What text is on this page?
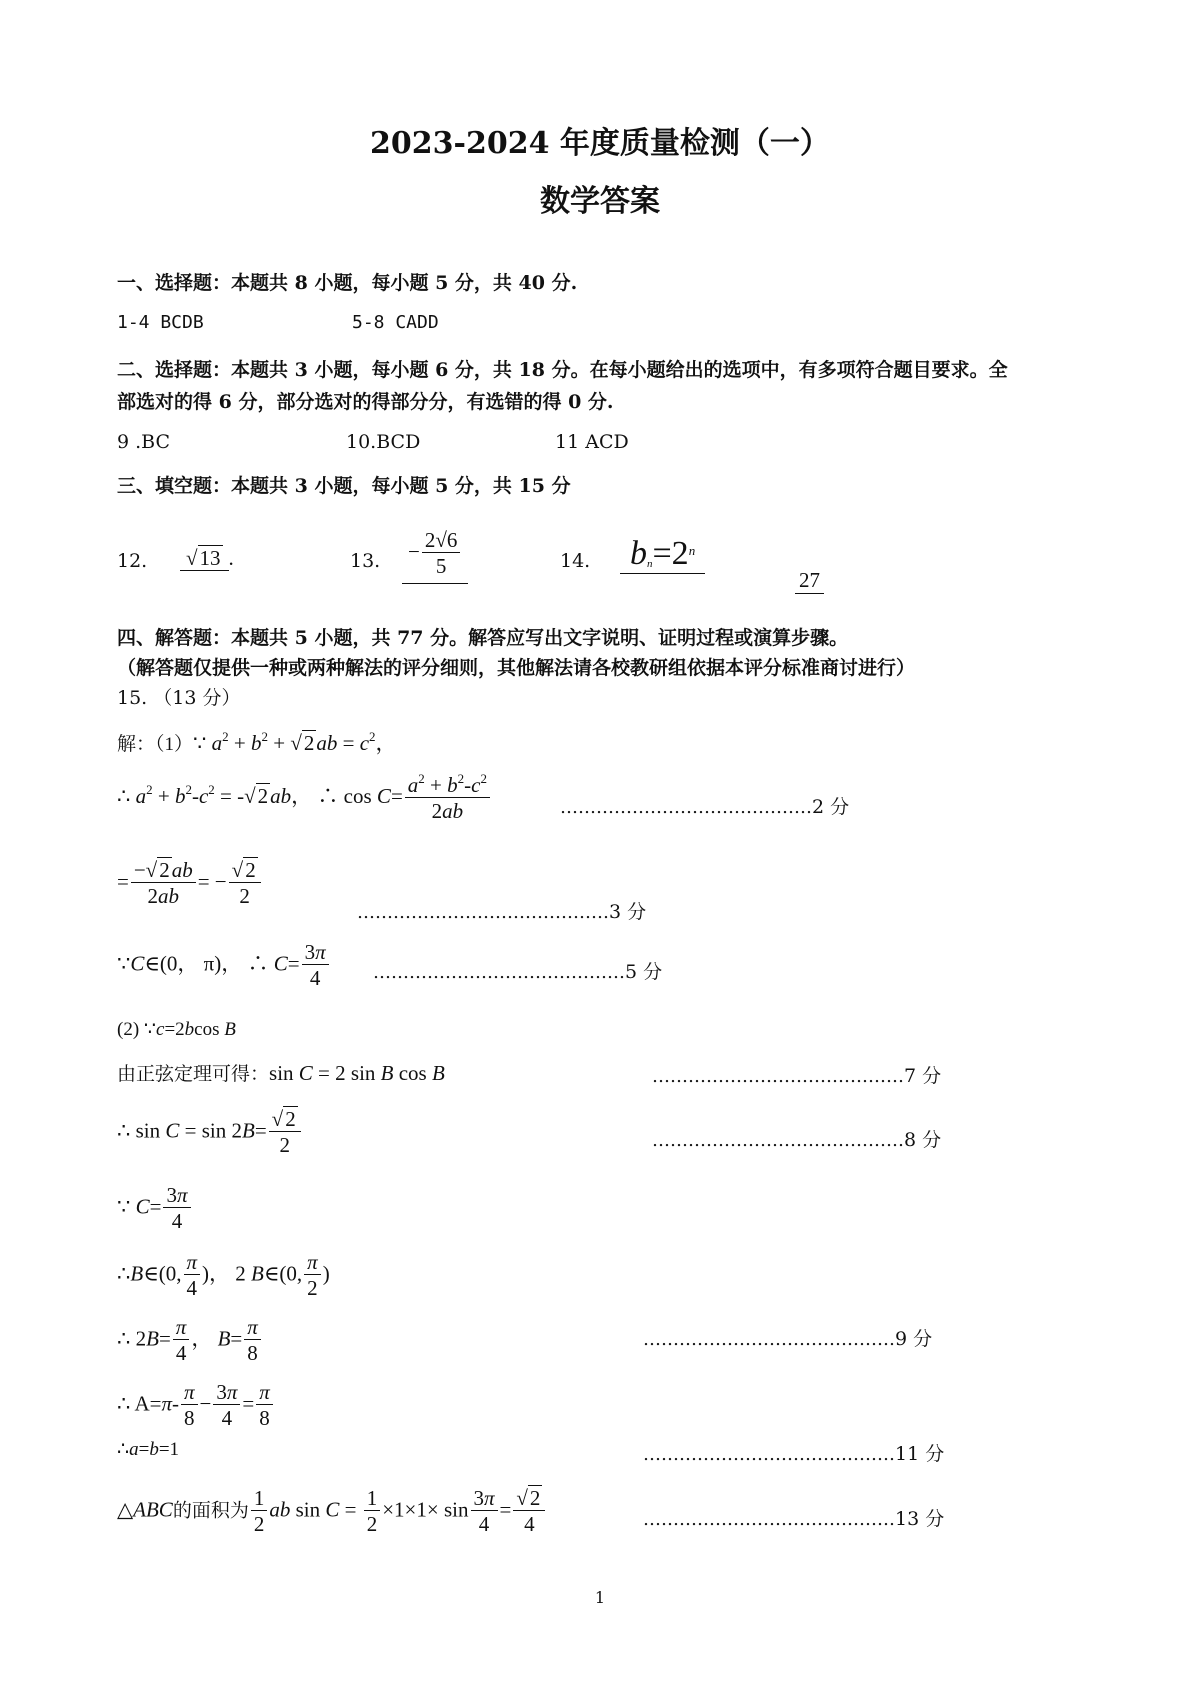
2023-2024 年度质量检测（一）
数学答案
一、选择题：本题共 8 小题，每小题 5 分，共 40 分.
1-4 BCDB	5-8 CADD
二、选择题：本题共 3 小题，每小题 6 分，共 18 分。在每小题给出的选项中，有多项符合题目要求。全
部选对的得 6 分，部分选对的得部分分，有选错的得 0 分.
9 .BC	10.BCD	11 ACD
三、填空题：本题共 3 小题，每小题 5 分，共 15 分
12. √13 .	13. − $\frac{2√6}{5}$	14. $b_n=2^n$
27
四、解答题：本题共 5 小题，共 77 分。解答应写出文字说明、证明过程或演算步骤。
（解答题仅提供一种或两种解法的评分细则，其他解法请各校教研组依据本评分标准商讨进行）
15. （13 分）
解：（1）∵ $a^2 + b^2 + √2ab = c^2$，
∴ $a^2 + b^2-c^2 = -√2ab$， ∴ $\cos C= \frac{a^2 + b^2-c^2}{2ab}$	……………………………………2 分
= $\frac{-√2ab}{2ab}$ = − $\frac{√2}{2}$
……………………………………3 分
∵C∈(0， π)， ∴ $C= \frac{3\pi}{4}$ ……………………………………5 分
(2) ∵c=2bcos B
由正弦定理可得：sin C = 2 sin B cos B	……………………………………7 分
∴ $\sin C = \sin 2B= \frac{√2}{2}$	……………………………………8 分
∵ $C= \frac{3\pi}{4}$
∴B∈(0, $\frac{\pi}{4}$ )， 2 B∈(0, $\frac{\pi}{2}$ )
∴ $2B= \frac{\pi}{4}$ ， $B= \frac{\pi}{8}$	……………………………………9 分
∴ $A=\pi- \frac{\pi}{8} - \frac{3\pi}{4} = \frac{\pi}{8}$
∴a=b=1	……………………………………11 分
△ABC的面积为 $\frac{1}{2}$ ab $\sin C = \frac{1}{2} \times 1\times 1\times \sin \frac{3\pi}{4} = \frac{√2}{4}$	……………………………………13 分
1
